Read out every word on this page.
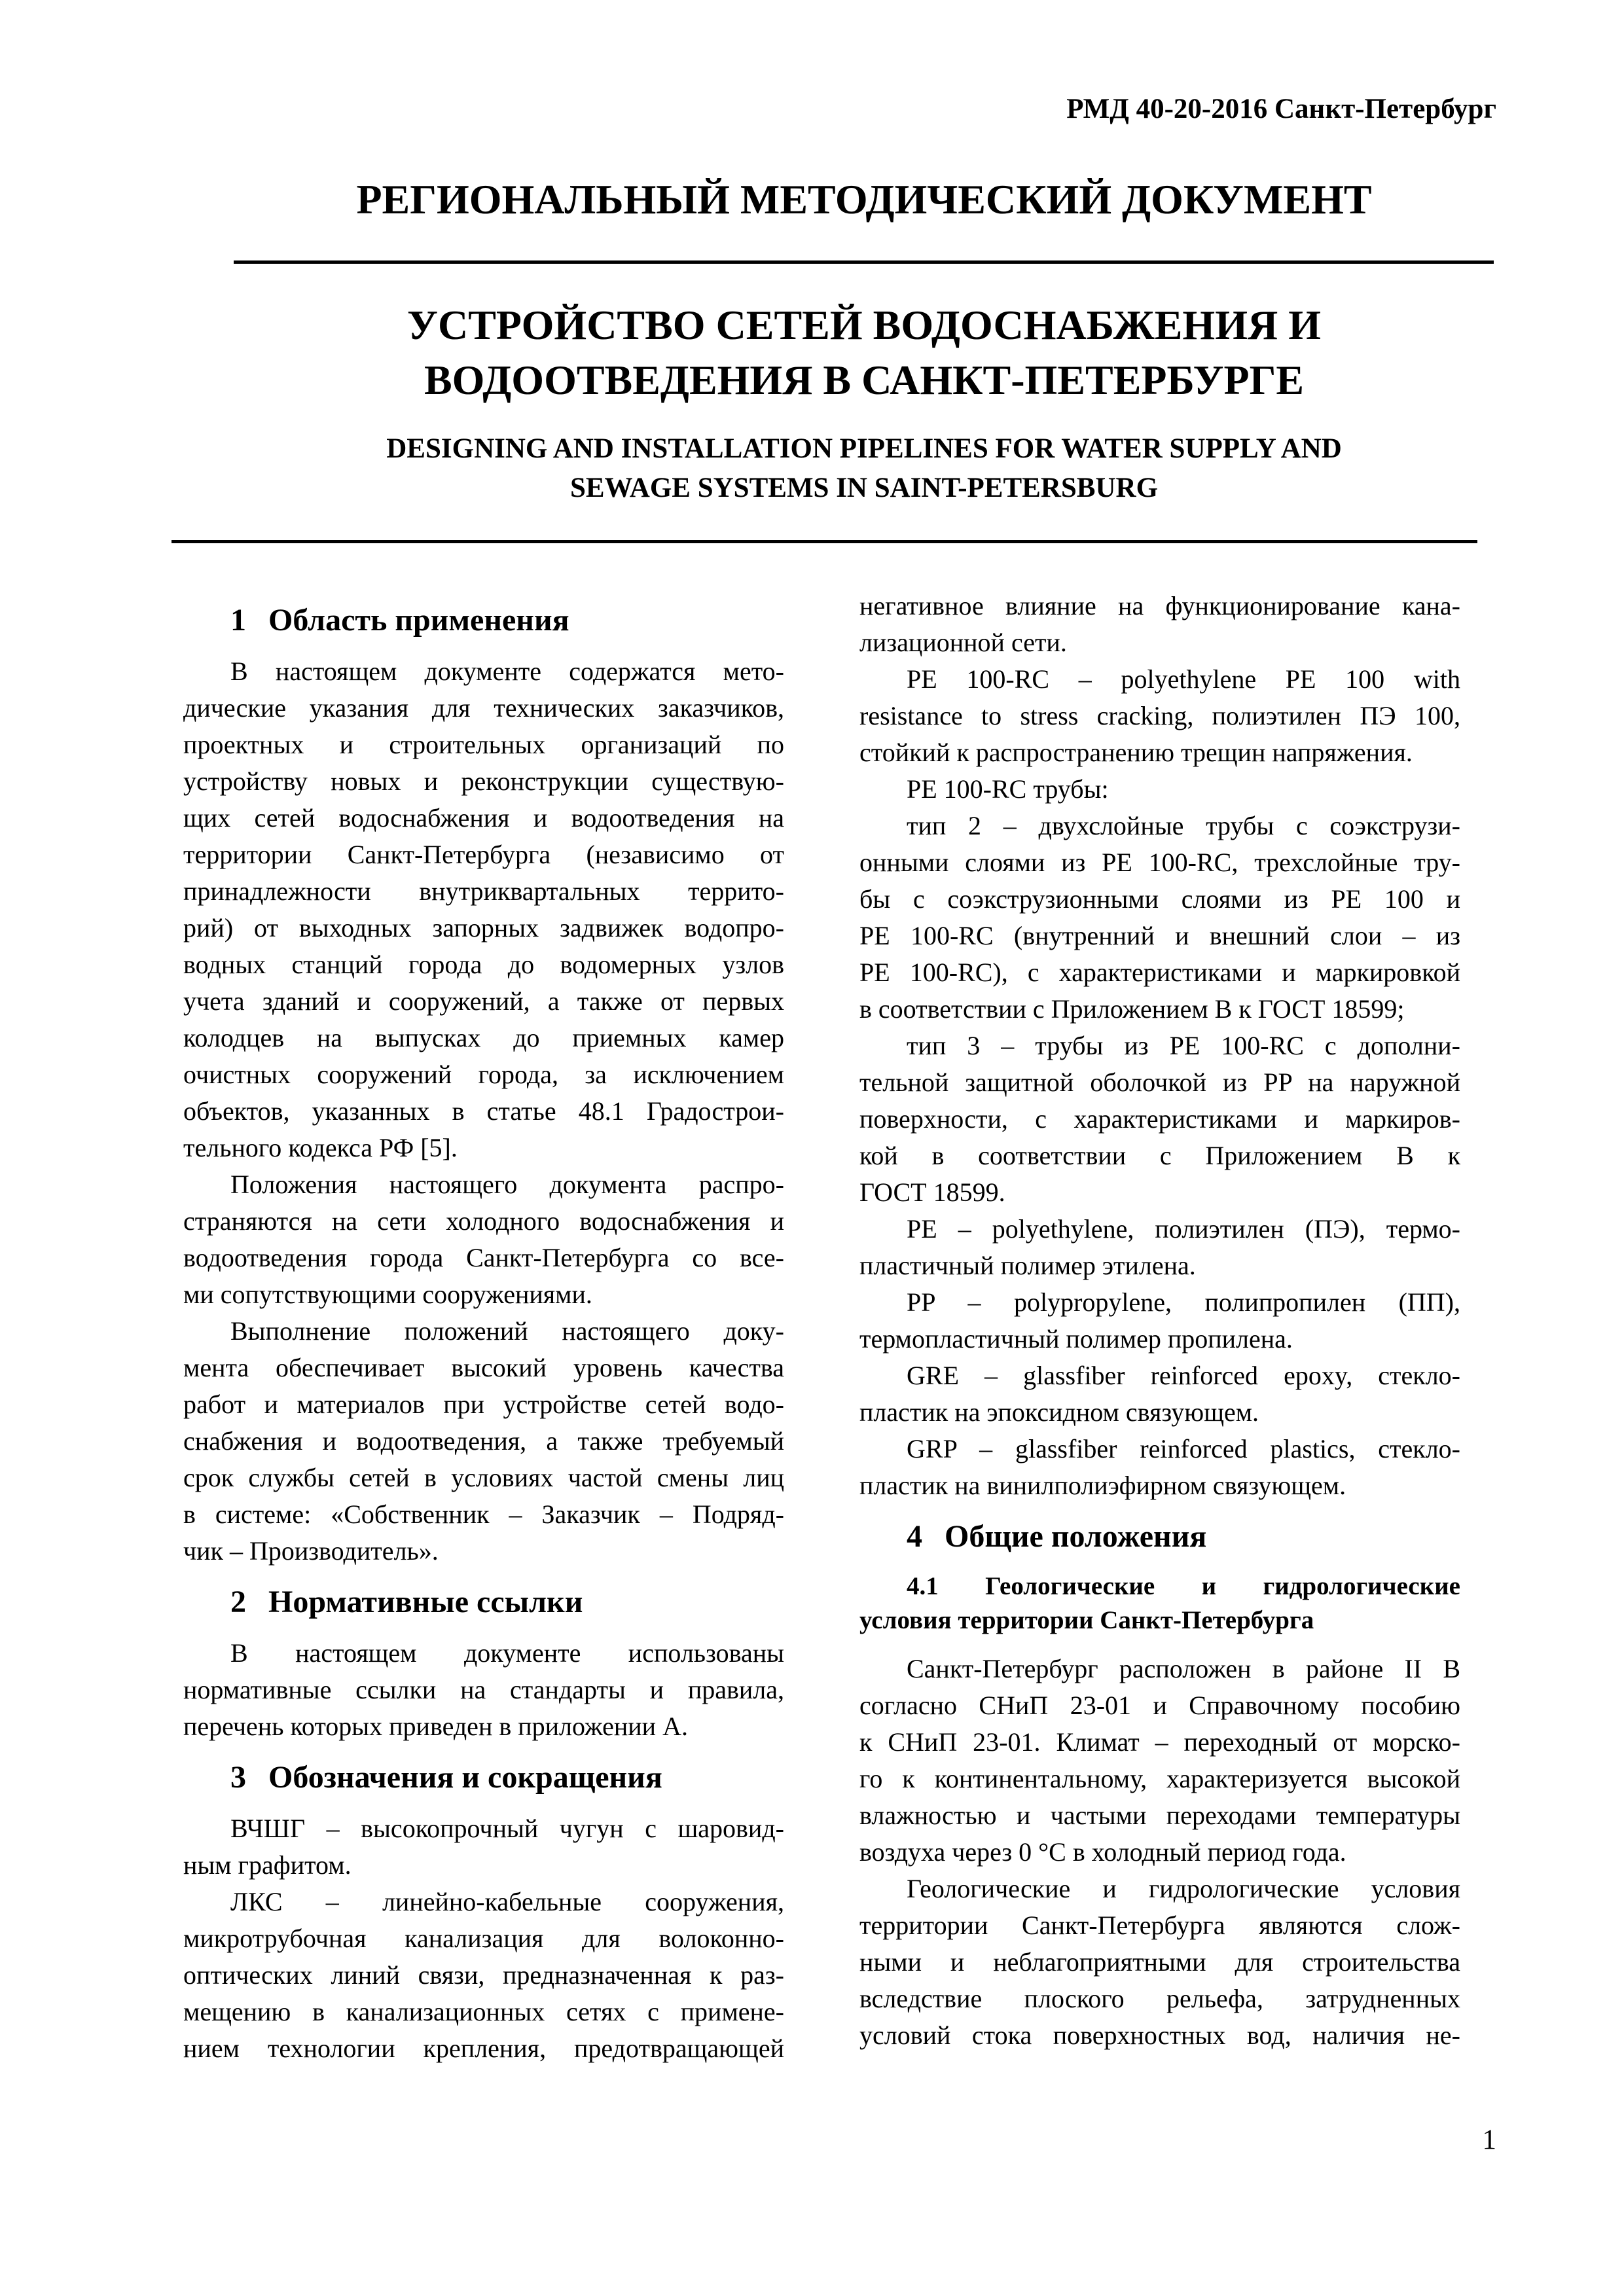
РМД 40-20-2016 Санкт-Петербург

РЕГИОНАЛЬНЫЙ МЕТОДИЧЕСКИЙ ДОКУМЕНТ
УСТРОЙСТВО СЕТЕЙ ВОДОСНАБЖЕНИЯ И
ВОДООТВЕДЕНИЯ В САНКТ-ПЕТЕРБУРГЕ
DESIGNING AND INSTALLATION PIPELINES FOR WATER SUPPLY AND
SEWAGE SYSTEMS IN SAINT-PETERSBURG
1 Область применения
В настоящем документе содержатся мето-
дические указания для технических заказчиков,
проектных и строительных организаций по
устройству новых и реконструкции существую-
щих сетей водоснабжения и водоотведения на
территории Санкт-Петербурга (независимо от
принадлежности внутриквартальных террито-
рий) от выходных запорных задвижек водопро-
водных станций города до водомерных узлов
учета зданий и сооружений, а также от первых
колодцев на выпусках до приемных камер
очистных сооружений города, за исключением
объектов, указанных в статье 48.1 Градострои-
тельного кодекса РФ [5].
Положения настоящего документа распро-
страняются на сети холодного водоснабжения и
водоотведения города Санкт-Петербурга со все-
ми сопутствующими сооружениями.
Выполнение положений настоящего доку-
мента обеспечивает высокий уровень качества
работ и материалов при устройстве сетей водо-
снабжения и водоотведения, а также требуемый
срок службы сетей в условиях частой смены лиц
в системе: «Собственник – Заказчик – Подряд-
чик – Производитель».
2 Нормативные ссылки
В настоящем документе использованы
нормативные ссылки на стандарты и правила,
перечень которых приведен в приложении А.
3 Обозначения и сокращения
ВЧШГ – высокопрочный чугун с шаровид-
ным графитом.
ЛКС – линейно-кабельные сооружения,
микротрубочная канализация для волоконно-
оптических линий связи, предназначенная к раз-
мещению в канализационных сетях с примене-
нием технологии крепления, предотвращающей
негативное влияние на функционирование кана-
лизационной сети.
PE 100-RC – polyethylene PE 100 with
resistance to stress cracking, полиэтилен ПЭ 100,
стойкий к распространению трещин напряжения.
PE 100-RC трубы:
тип 2 – двухслойные трубы с соэкструзи-
онными слоями из PE 100-RC, трехслойные тру-
бы с соэкструзионными слоями из PE 100 и
PE 100-RC (внутренний и внешний слои – из
PE 100-RC), с характеристиками и маркировкой
в соответствии с Приложением В к ГОСТ 18599;
тип 3 – трубы из PE 100-RC с дополни-
тельной защитной оболочкой из PP на наружной
поверхности, с характеристиками и маркиров-
кой в соответствии с Приложением В к
ГОСТ 18599.
PE – polyethylene, полиэтилен (ПЭ), термо-
пластичный полимер этилена.
PP – polypropylene, полипропилен (ПП),
термопластичный полимер пропилена.
GRE – glassfiber reinforced epoxy, стекло-
пластик на эпоксидном связующем.
GRP – glassfiber reinforced plastics, стекло-
пластик на винилполиэфирном связующем.
4 Общие положения
4.1 Геологические и гидрологические
условия территории Санкт-Петербурга
Санкт-Петербург расположен в районе II В
согласно СНиП 23-01 и Справочному пособию
к СНиП 23-01. Климат – переходный от морско-
го к континентальному, характеризуется высокой
влажностью и частыми переходами температуры
воздуха через 0 °С в холодный период года.
Геологические и гидрологические условия
территории Санкт-Петербурга являются слож-
ными и неблагоприятными для строительства
вследствие плоского рельефа, затрудненных
условий стока поверхностных вод, наличия не-

1
